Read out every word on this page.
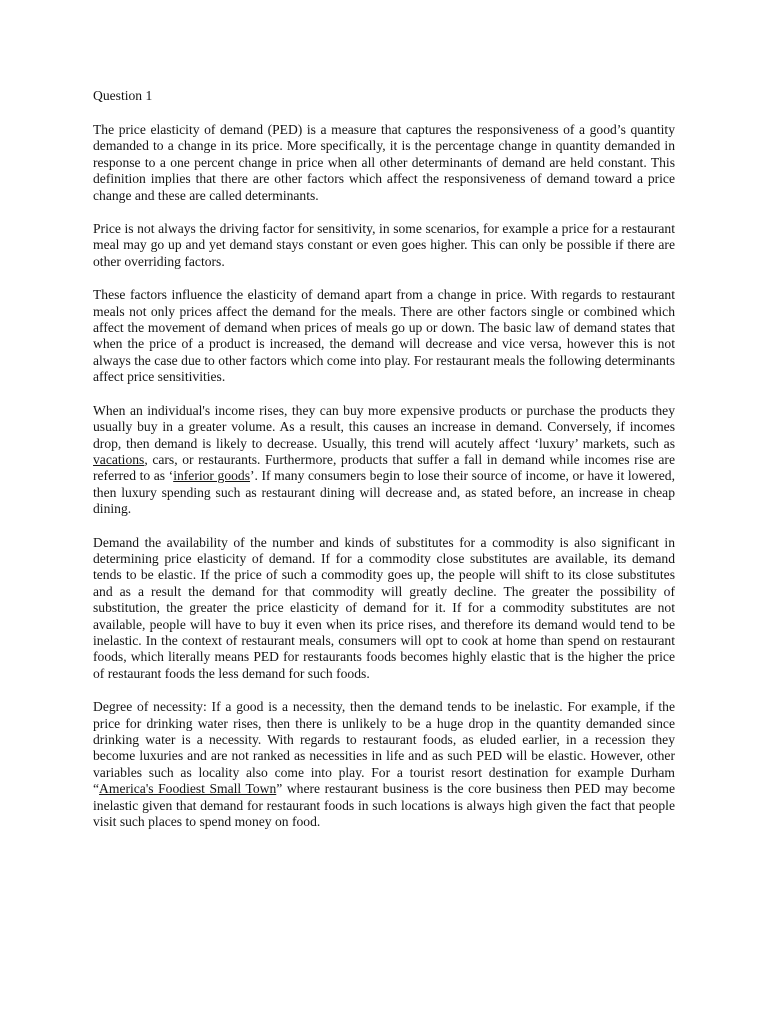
Question 1

The price elasticity of demand (PED) is a measure that captures the responsiveness of a good’s quantity demanded to a change in its price. More specifically, it is the percentage change in quantity demanded in response to a one percent change in price when all other determinants of demand are held constant. This definition implies that there are other factors which affect the responsiveness of demand toward a price change and these are called determinants.

Price is not always the driving factor for sensitivity, in some scenarios, for example a price for a restaurant meal may go up and yet demand stays constant or even goes higher. This can only be possible if there are other overriding factors.

These factors influence the elasticity of demand apart from a change in price. With regards to restaurant meals not only prices affect the demand for the meals. There are other factors single or combined which affect the movement of demand when prices of meals go up or down. The basic law of demand states that when the price of a product is increased, the demand will decrease and vice versa, however this is not always the case due to other factors which come into play. For restaurant meals the following determinants affect price sensitivities.

When an individual's income rises, they can buy more expensive products or purchase the products they usually buy in a greater volume. As a result, this causes an increase in demand. Conversely, if incomes drop, then demand is likely to decrease. Usually, this trend will acutely affect ‘luxury’ markets, such as vacations, cars, or restaurants. Furthermore, products that suffer a fall in demand while incomes rise are referred to as ‘inferior goods’. If many consumers begin to lose their source of income, or have it lowered, then luxury spending such as restaurant dining will decrease and, as stated before, an increase in cheap dining.

Demand the availability of the number and kinds of substitutes for a commodity is also significant in determining price elasticity of demand. If for a commodity close substitutes are available, its demand tends to be elastic. If the price of such a commodity goes up, the people will shift to its close substitutes and as a result the demand for that commodity will greatly decline. The greater the possibility of substitution, the greater the price elasticity of demand for it. If for a commodity substitutes are not available, people will have to buy it even when its price rises, and therefore its demand would tend to be inelastic. In the context of restaurant meals, consumers will opt to cook at home than spend on restaurant foods, which literally means PED for restaurants foods becomes highly elastic that is the higher the price of restaurant foods the less demand for such foods.

Degree of necessity: If a good is a necessity, then the demand tends to be inelastic. For example, if the price for drinking water rises, then there is unlikely to be a huge drop in the quantity demanded since drinking water is a necessity. With regards to restaurant foods, as eluded earlier, in a recession they become luxuries and are not ranked as necessities in life and as such PED will be elastic. However, other variables such as locality also come into play. For a tourist resort destination for example Durham “America's Foodiest Small Town” where restaurant business is the core business then PED may become inelastic given that demand for restaurant foods in such locations is always high given the fact that people visit such places to spend money on food.
